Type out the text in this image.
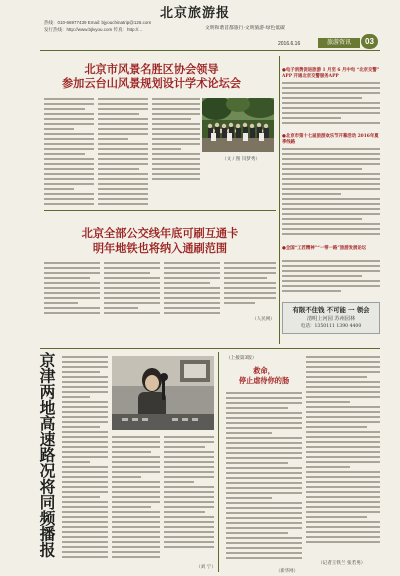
北京旅游报
热线：010-66977439 Email: bjyouchinatrip@126.com
发行热线：http://www.bjlvyou.com 传真：http://...	文明和谐首都旅行·文明旅游·绿色低碳
2016.6.16	旅游资讯	03
北京市风景名胜区协会领导
参加云台山风景规划设计学术论坛会
（文 / 图 闫梦秀）
北京全部公交线年底可刷互通卡
明年地铁也将纳入通刷范围
（人民网）
●电子消费促进旅游 1 月至 6 月中旬 “北京交警” APP 开通北京交警服务APP
●北京市第十七届旅游欢乐节开幕活动 2016年夏季线路
●全国“工匠精神”“一带一路”旅游发展论坛
有限不住钱 不可能 一 领会
清明上河园 苏州园林
电话：1350111 1390 4400
京津两地高速路况将同频播报
（刘 宁）
（上接第3版）
救命，
停止虐待你的肠
（新华网）
（记者王铁兰 张若男）
